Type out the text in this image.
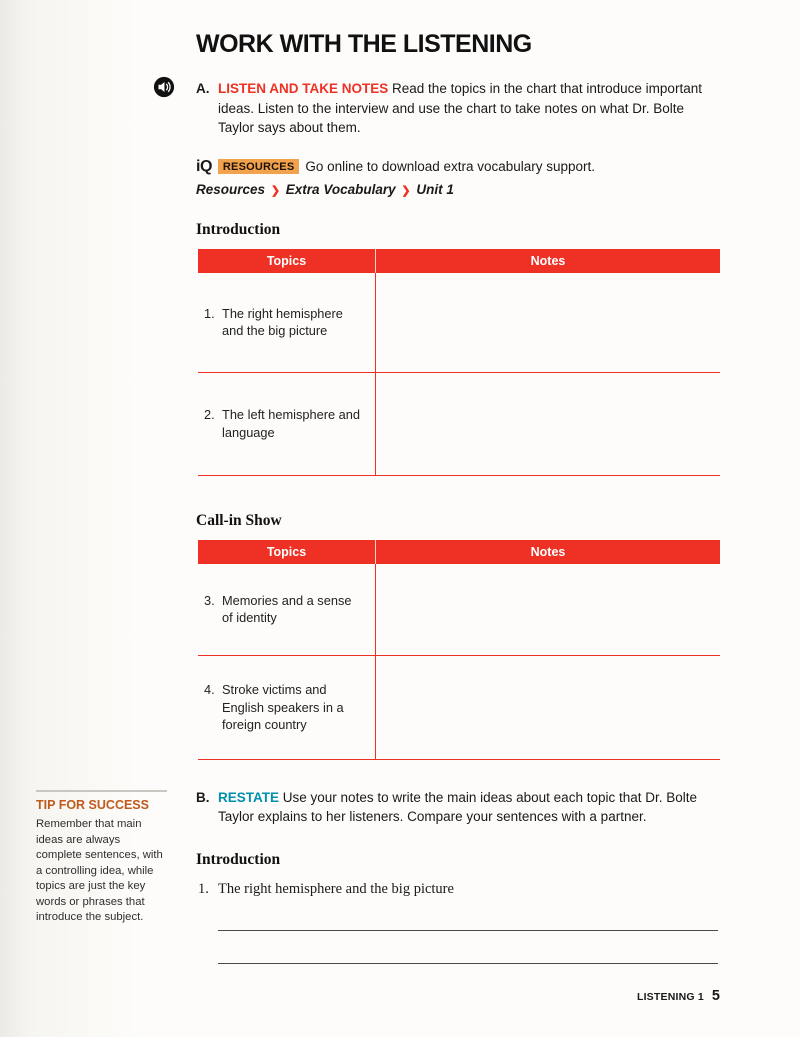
WORK WITH THE LISTENING
A. LISTEN AND TAKE NOTES Read the topics in the chart that introduce important ideas. Listen to the interview and use the chart to take notes on what Dr. Bolte Taylor says about them.
iQ	RESOURCES Go online to download extra vocabulary support.
Resources ❯ Extra Vocabulary ❯ Unit 1
Introduction
Topics	Notes
1. The right hemisphere and the big picture
2. The left hemisphere and language
Call-in Show
Topics	Notes
3. Memories and a sense of identity
4. Stroke victims and English speakers in a foreign country
B. RESTATE Use your notes to write the main ideas about each topic that Dr. Bolte Taylor explains to her listeners. Compare your sentences with a partner.
Introduction
1. The right hemisphere and the big picture
TIP FOR SUCCESS
Remember that main ideas are always complete sentences, with a controlling idea, while topics are just the key words or phrases that introduce the subject.
LISTENING 1 5
